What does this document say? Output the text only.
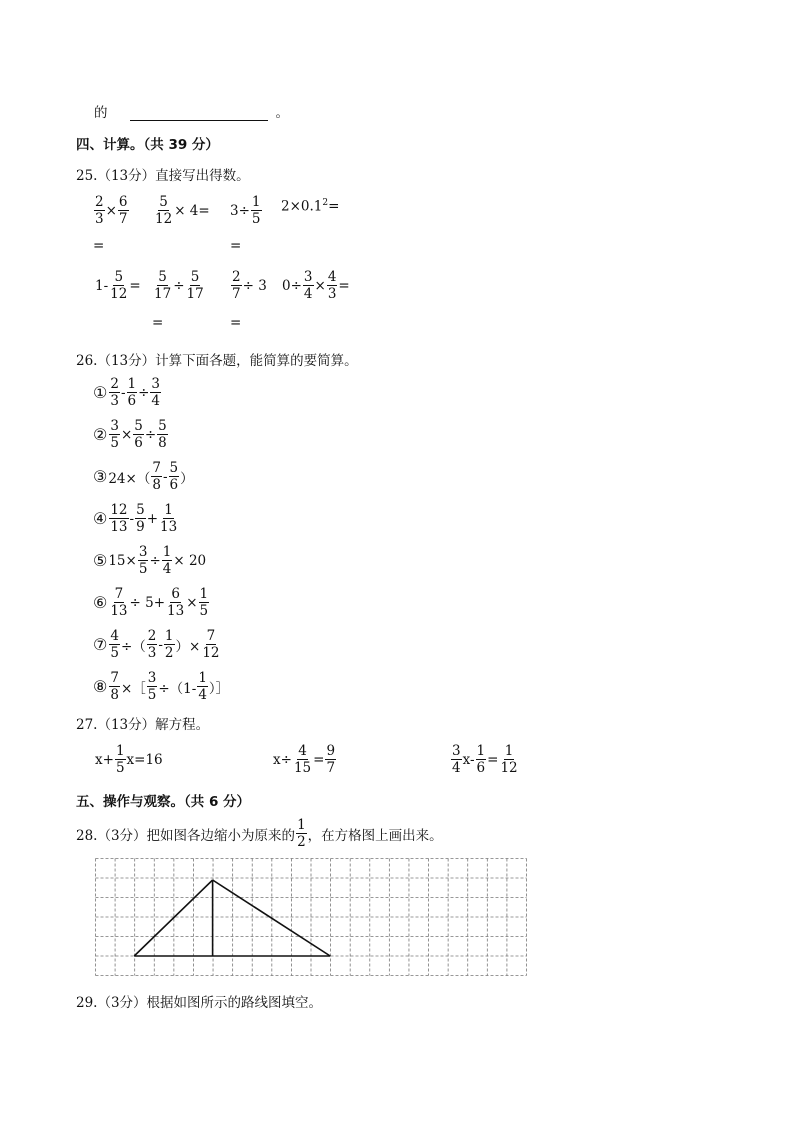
的	。
四、计算。（共 39 分）
25.（13分）直接写出得数。
$\frac{2}{3} \times \frac{6}{7}$
=
$\frac{5}{12} \times 4= 3\div \frac{1}{5}$
=
$2\times 0.1^2=$
$1- \frac{5}{12} = \frac{5}{17} \div \frac{5}{17}$
=
$\frac{2}{7} \div 3$
=
$0\div \frac{3}{4} \times \frac{4}{3}$ =
26.（13分）计算下面各题，能简算的要简算。
① $\frac{2}{3} - \frac{1}{6} \div \frac{3}{4}$
② $\frac{3}{5} \times \frac{5}{6} \div \frac{5}{8}$
③ $24\times( \frac{7}{8} - \frac{5}{6}$ ）
④ $\frac{12}{13} - \frac{5}{9} + \frac{1}{13}$
⑤ $15\times \frac{3}{5} \div \frac{1}{4} \times 20$
⑥ $\frac{7}{13} \div 5+ \frac{6}{13} \times \frac{1}{5}$
⑦ $\frac{4}{5}$ ÷（ $\frac{2}{3} - \frac{1}{2}$ ）× $\frac{7}{12}$
⑧ $\frac{7}{8}$ ×［ $\frac{3}{5} \div(1- \frac{1}{4}$ ）］
27.（13分）解方程。
$x+ \frac{1}{5} x=16$	$x\div \frac{4}{15} = \frac{9}{7}$	$\frac{3}{4} x- \frac{1}{6} = \frac{1}{12}$
五、操作与观察。（共 6 分）
28.（3分）把如图各边缩小为原来的 $\frac{1}{2}$ ，在方格图上画出来。
29.（3分）根据如图所示的路线图填空。
